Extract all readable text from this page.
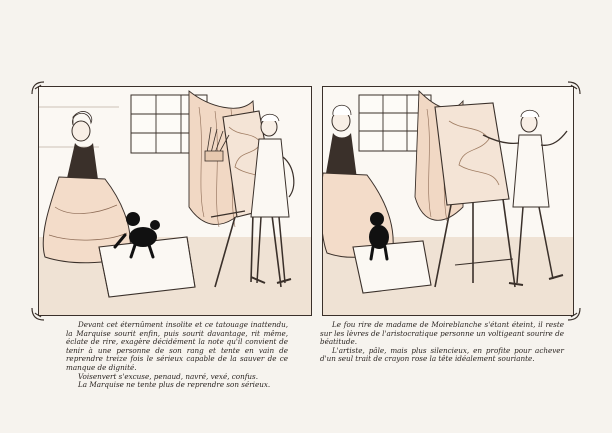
Devant cet éternûment insolite et ce tatouage inattendu, la Marquise sourit enfin, puis sourit davantage, rit même, éclate de rire, exagère décidément la note qu'il convient de tenir à une personne de son rang et tente en vain de reprendre treize fois le sérieux capable de la sauver de ce manque de dignité.

Voisenvert s'excuse, penaud, navré, vexé, confus.

La Marquise ne tente plus de reprendre son sérieux.

Le fou rire de madame de Moireblanche s'étant éteint, il reste sur les lèvres de l'aristocratique personne un voltigeant sourire de béatitude.

L'artiste, pâle, mais plus silencieux, en profite pour achever d'un seul trait de crayon rose la tête idéalement souriante.
